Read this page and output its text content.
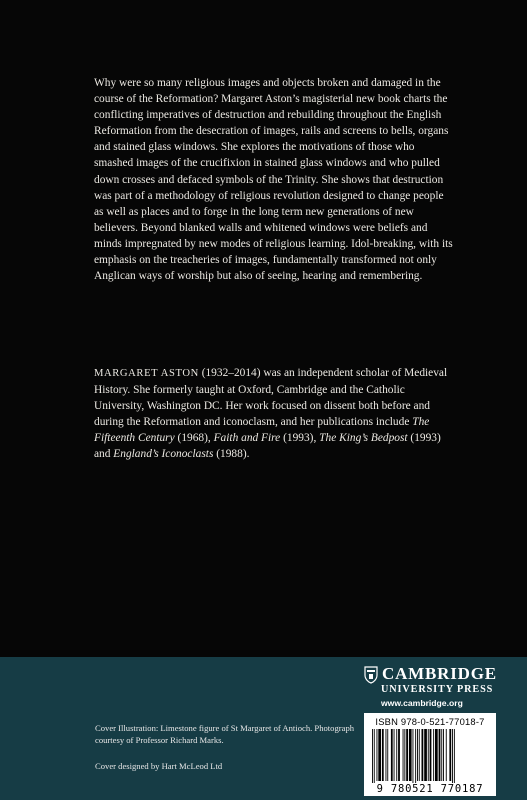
Why were so many religious images and objects broken and damaged in the course of the Reformation? Margaret Aston’s magisterial new book charts the conflicting imperatives of destruction and rebuilding throughout the English Reformation from the desecration of images, rails and screens to bells, organs and stained glass windows. She explores the motivations of those who smashed images of the crucifixion in stained glass windows and who pulled down crosses and defaced symbols of the Trinity. She shows that destruction was part of a methodology of religious revolution designed to change people as well as places and to forge in the long term new generations of new believers. Beyond blanked walls and whitened windows were beliefs and minds impregnated by new modes of religious learning. Idol-breaking, with its emphasis on the treacheries of images, fundamentally transformed not only Anglican ways of worship but also of seeing, hearing and remembering.

MARGARET ASTON (1932–2014) was an independent scholar of Medieval History. She formerly taught at Oxford, Cambridge and the Catholic University, Washington DC. Her work focused on dissent both before and during the Reformation and iconoclasm, and her publications include The Fifteenth Century (1968), Faith and Fire (1993), The King’s Bedpost (1993) and England’s Iconoclasts (1988).

CAMBRIDGE
UNIVERSITY PRESS
www.cambridge.org
Cover Illustration: Limestone figure of St Margaret of Antioch. Photograph courtesy of Professor Richard Marks.
Cover designed by Hart McLeod Ltd
ISBN 978-0-521-77018-7
9 780521 770187
